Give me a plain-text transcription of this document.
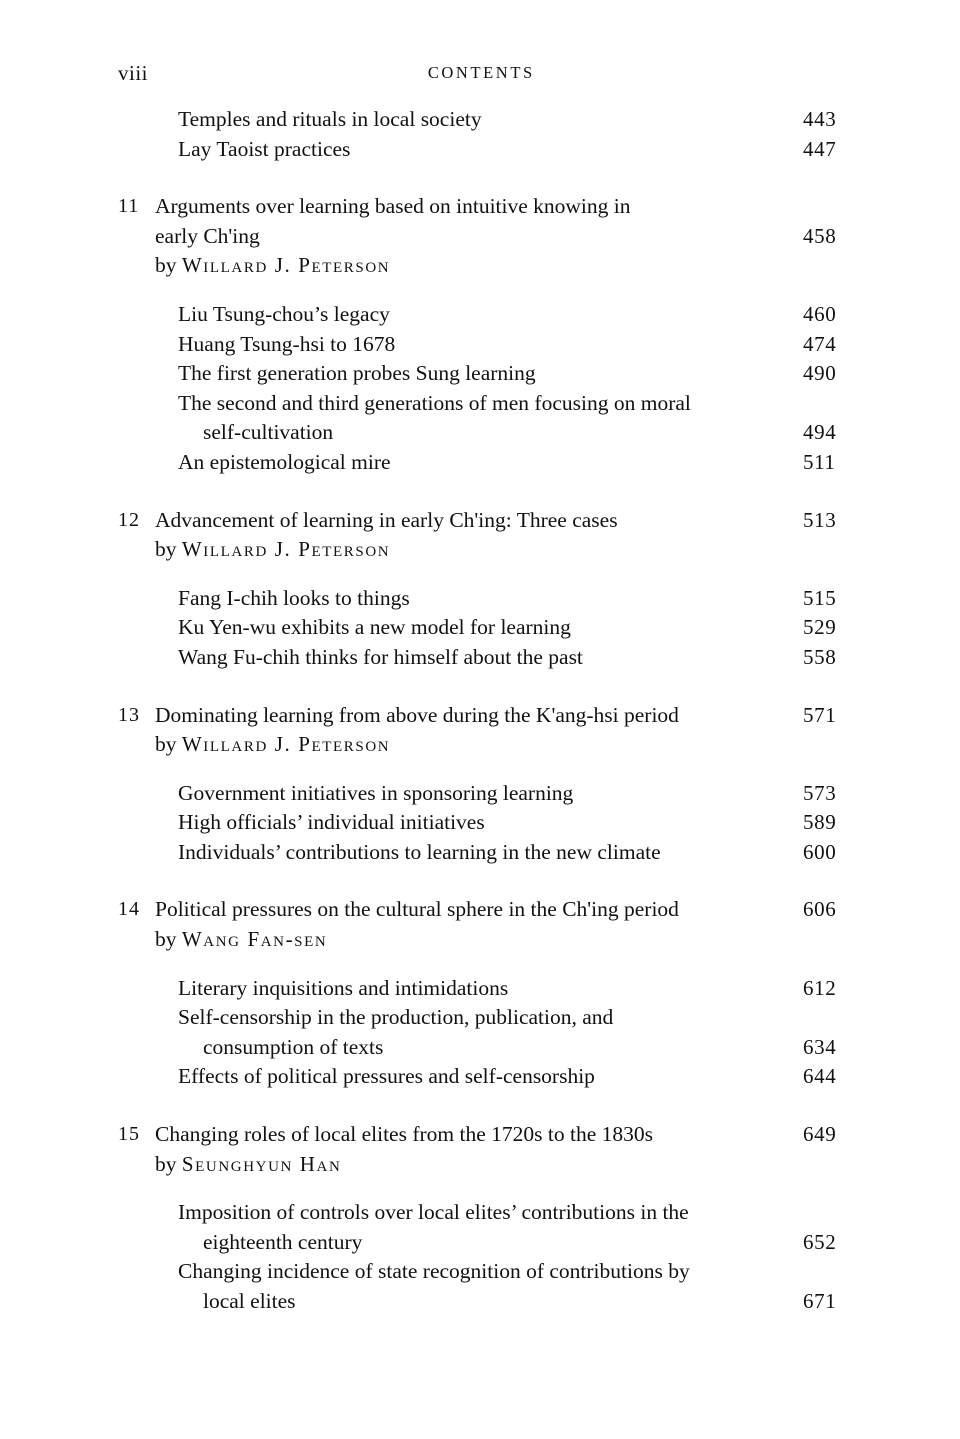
viii	CONTENTS
Temples and rituals in local society	443
Lay Taoist practices	447
11 Arguments over learning based on intuitive knowing in
early Ch'ing	458
by Willard J. Peterson
Liu Tsung-chou’s legacy	460
Huang Tsung-hsi to 1678	474
The first generation probes Sung learning	490
The second and third generations of men focusing on moral
self-cultivation	494
An epistemological mire	511
12 Advancement of learning in early Ch'ing: Three cases	513
by Willard J. Peterson
Fang I-chih looks to things	515
Ku Yen-wu exhibits a new model for learning	529
Wang Fu-chih thinks for himself about the past	558
13 Dominating learning from above during the K'ang-hsi period	571
by Willard J. Peterson
Government initiatives in sponsoring learning	573
High officials’ individual initiatives	589
Individuals’ contributions to learning in the new climate	600
14 Political pressures on the cultural sphere in the Ch'ing period	606
by Wang Fan-sen
Literary inquisitions and intimidations	612
Self-censorship in the production, publication, and
consumption of texts	634
Effects of political pressures and self-censorship	644
15 Changing roles of local elites from the 1720s to the 1830s	649
by Seunghyun Han
Imposition of controls over local elites’ contributions in the
eighteenth century	652
Changing incidence of state recognition of contributions by
local elites	671
